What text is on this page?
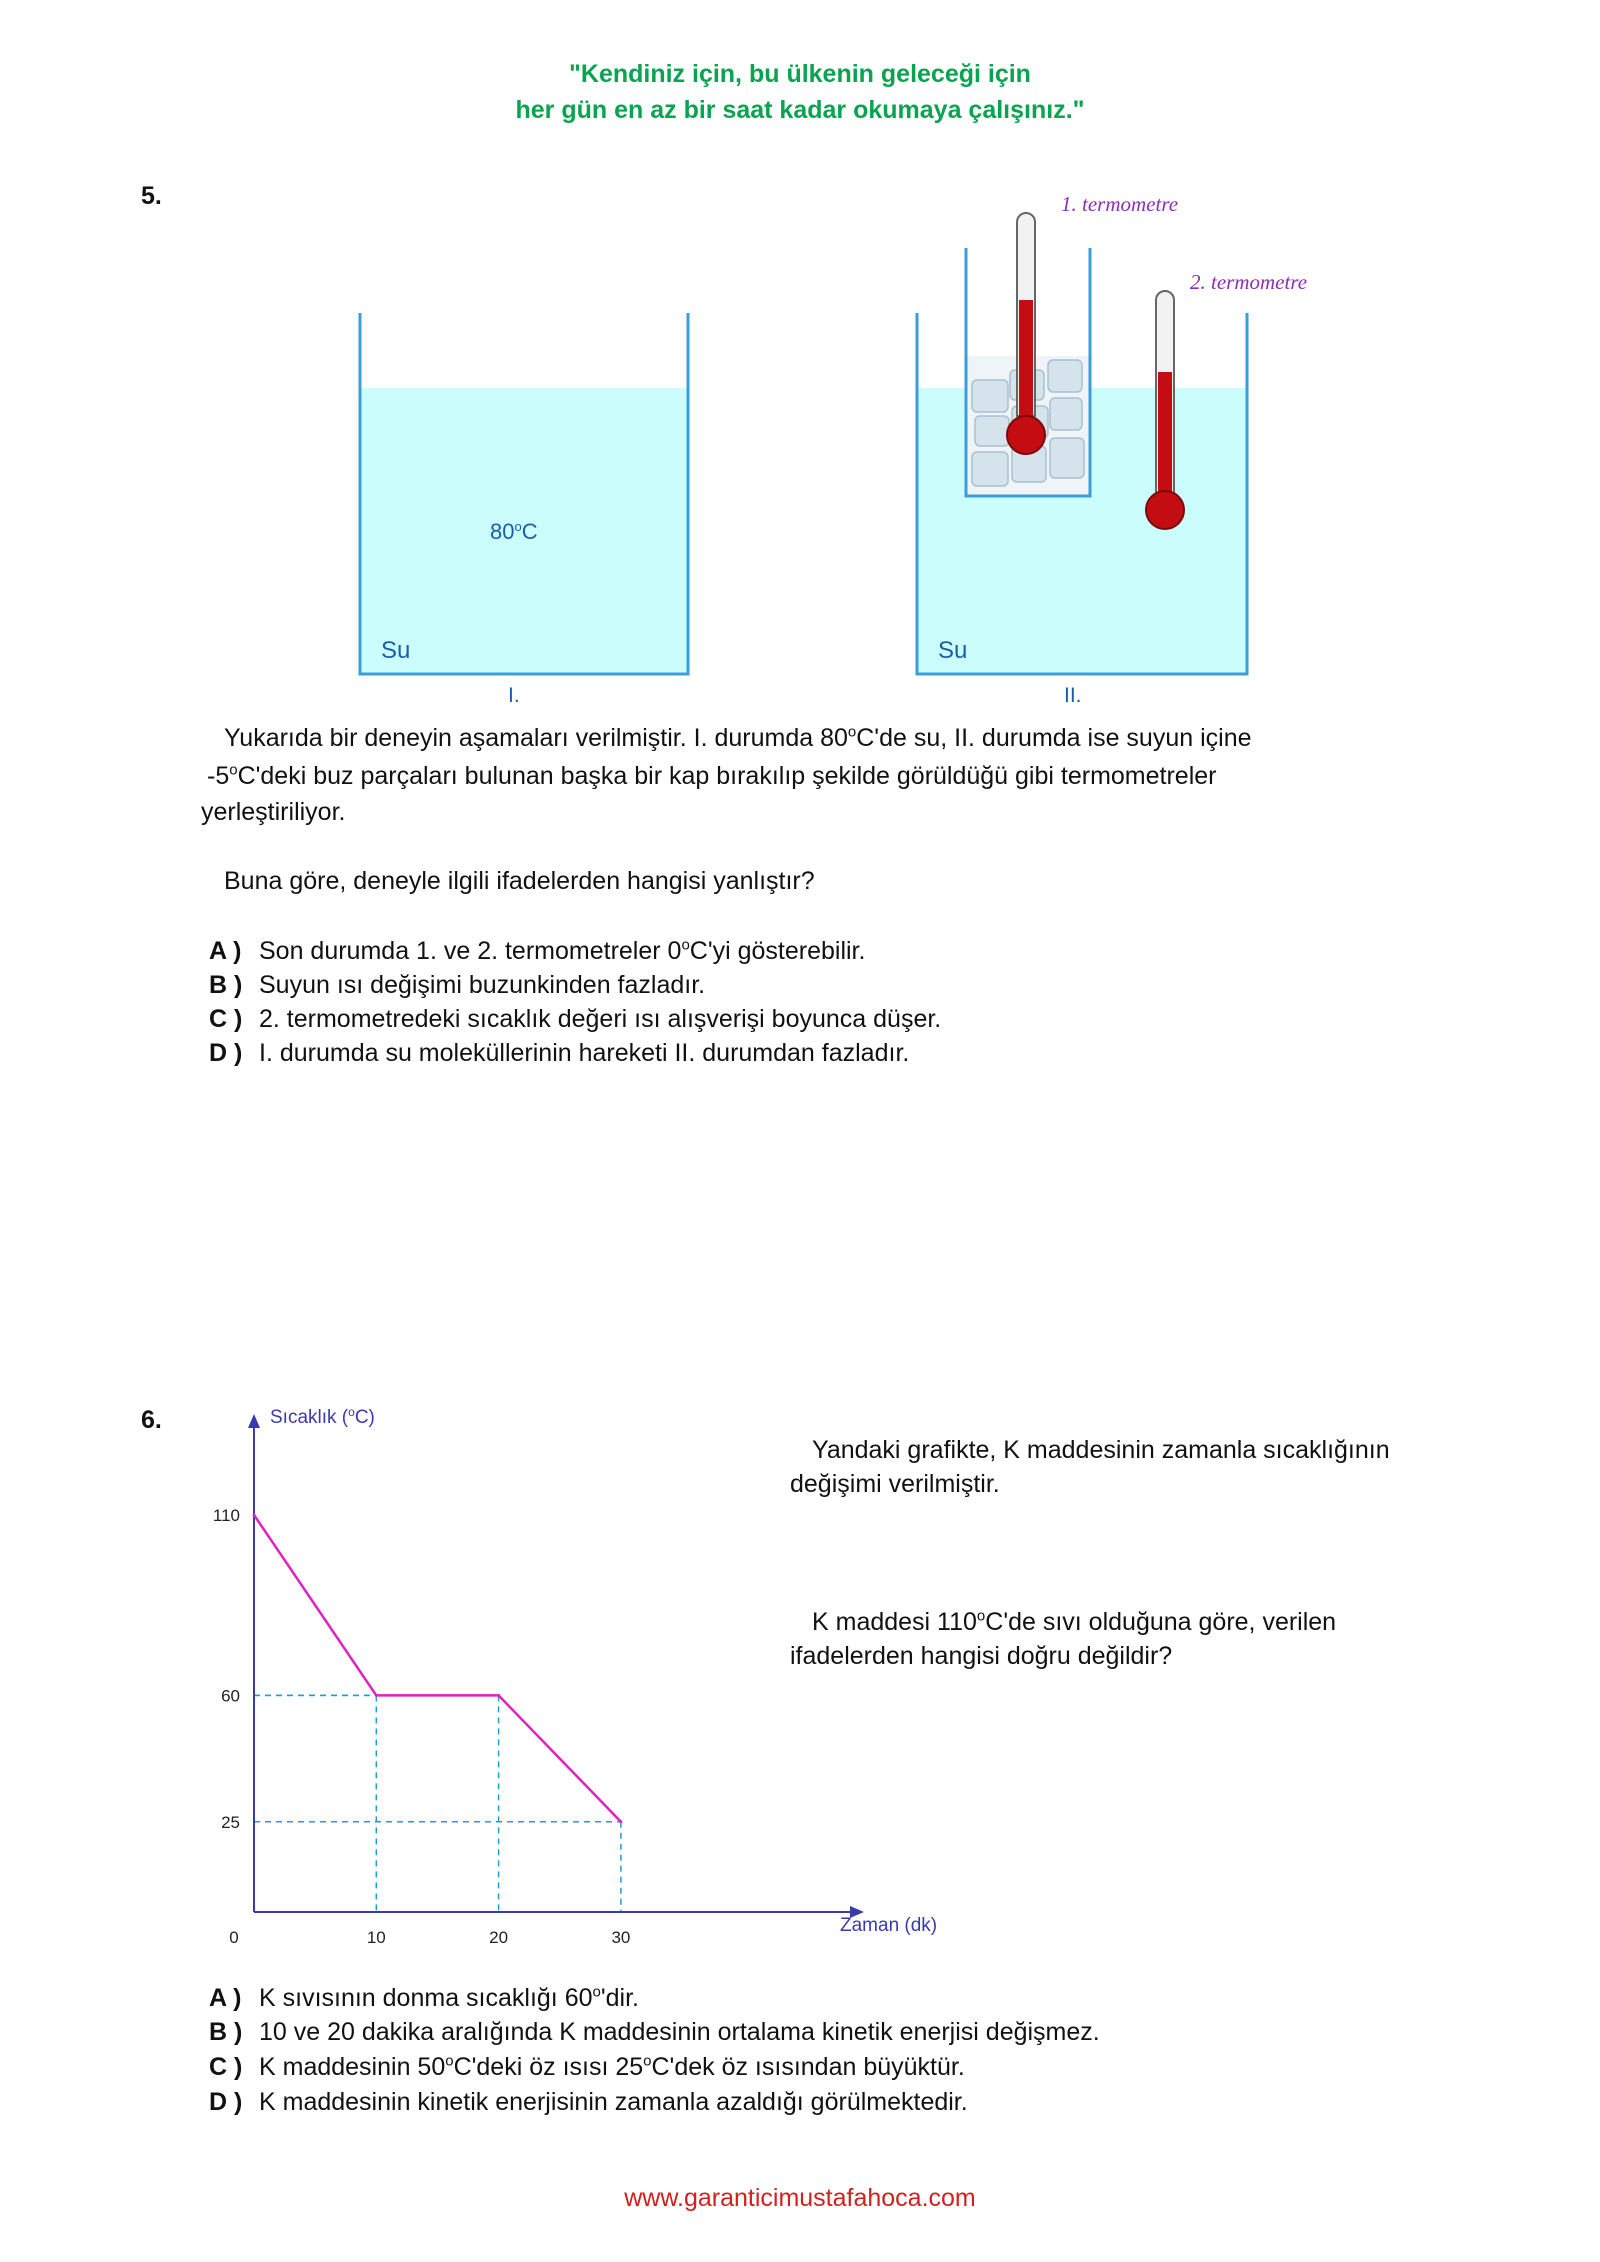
"Kendiniz için, bu ülkenin geleceği için
her gün en az bir saat kadar okumaya çalışınız."
5.
80$^o$C
Su
I.
Su
II.
1. termometre
2. termometre
Yukarıda bir deneyin aşamaları verilmiştir. I. durumda 80$^o$C'de su, II. durumda ise suyun içine
-5$^o$C'deki buz parçaları bulunan başka bir kap bırakılıp şekilde görüldüğü gibi termometreler
yerleştiriliyor.
Buna göre, deneyle ilgili ifadelerden hangisi yanlıştır?
A ) Son durumda 1. ve 2. termometreler 0$^o$C'yi gösterebilir.
B ) Suyun ısı değişimi buzunkinden fazladır.
C ) 2. termometredeki sıcaklık değeri ısı alışverişi boyunca düşer.
D ) I. durumda su moleküllerinin hareketi II. durumdan fazladır.
6.
0	10	20	30
110
60
25
Sıcaklık ($^o$C)
Zaman (dk)
Yandaki grafikte, K maddesinin zamanla sıcaklığının
değişimi verilmiştir.
K maddesi 110$^o$C'de sıvı olduğuna göre, verilen
ifadelerden hangisi doğru değildir?
A ) K sıvısının donma sıcaklığı 60$^o$'dir.
B ) 10 ve 20 dakika aralığında K maddesinin ortalama kinetik enerjisi değişmez.
C ) K maddesinin 50$^o$C'deki öz ısısı 25$^o$C'dek öz ısısından büyüktür.
D ) K maddesinin kinetik enerjisinin zamanla azaldığı görülmektedir.
www.garanticimustafahoca.com
